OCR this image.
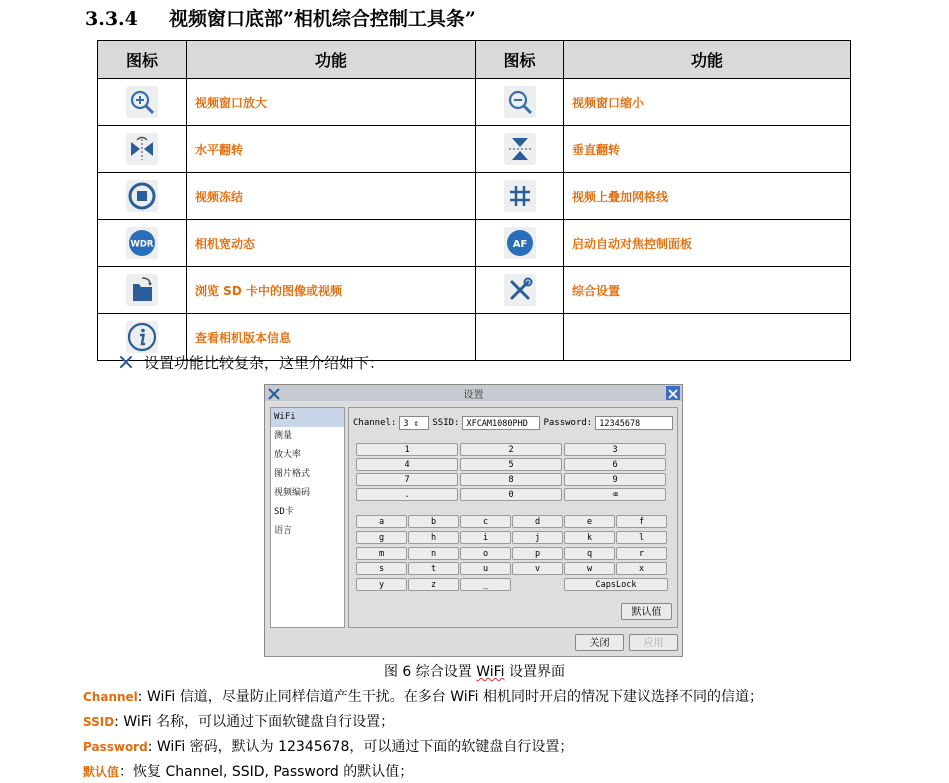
3.3.4 视频窗口底部”相机综合控制工具条”
图标	功能	图标	功能

	视频窗口放大		视频窗口缩小

	水平翻转		垂直翻转

	视频冻结		视频上叠加网格线

WDR	相机宽动态	AF	启动自动对焦控制面板

	浏览 SD 卡中的图像或视频		综合设置

	查看相机版本信息		
设置功能比较复杂，这里介绍如下：
设置
WiFi
测量
放大率
图片格式
视频编码
SD卡
语言
Channel: 3 ⇕	SSID: XFCAM1080PHD	Password: 12345678
1	2	3
4	5	6
7	8	9
.	0	⌫
a	b	c	d	e	f
g	h	i	j	k	l
m	n	o	p	q	r
s	t	u	v	w	x
y	z	_	CapsLock
默认值
关闭	应用
图 6 综合设置 WiFi 设置界面
Channel: WiFi 信道，尽量防止同样信道产生干扰。在多台 WiFi 相机同时开启的情况下建议选择不同的信道；
SSID: WiFi 名称，可以通过下面软键盘自行设置；
Password: WiFi 密码，默认为 12345678，可以通过下面的软键盘自行设置；
默认值：恢复 Channel, SSID, Password 的默认值；
